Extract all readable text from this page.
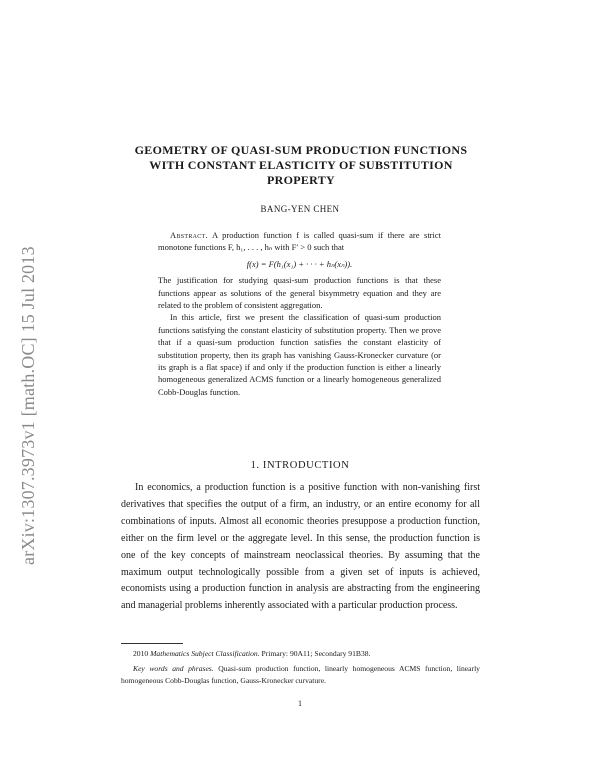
arXiv:1307.3973v1 [math.OC] 15 Jul 2013
GEOMETRY OF QUASI-SUM PRODUCTION FUNCTIONS
WITH CONSTANT ELASTICITY OF SUBSTITUTION
PROPERTY
BANG-YEN CHEN

Abstract. A production function f is called quasi-sum if there are strict monotone functions F, h₁, . . . , hₙ with F′ > 0 such that

f(x) = F(h₁(x₁) + · · · + hₙ(xₙ)).

The justification for studying quasi-sum production functions is that these functions appear as solutions of the general bisymmetry equation and they are related to the problem of consistent aggregation.

In this article, first we present the classification of quasi-sum production functions satisfying the constant elasticity of substitution property. Then we prove that if a quasi-sum production function satisfies the constant elasticity of substitution property, then its graph has vanishing Gauss-Kronecker curvature (or its graph is a flat space) if and only if the production function is either a linearly homogeneous generalized ACMS function or a linearly homogeneous generalized Cobb-Douglas function.

1. INTRODUCTION

In economics, a production function is a positive function with non-vanishing first derivatives that specifies the output of a firm, an industry, or an entire economy for all combinations of inputs. Almost all economic theories presuppose a production function, either on the firm level or the aggregate level. In this sense, the production function is one of the key concepts of mainstream neoclassical theories. By assuming that the maximum output technologically possible from a given set of inputs is achieved, economists using a production function in analysis are abstracting from the engineering and managerial problems inherently associated with a particular production process.

2010 Mathematics Subject Classification. Primary: 90A11; Secondary 91B38.

Key words and phrases. Quasi-sum production function, linearly homogeneous ACMS function, linearly homogeneous Cobb-Douglas function, Gauss-Kronecker curvature.

1
